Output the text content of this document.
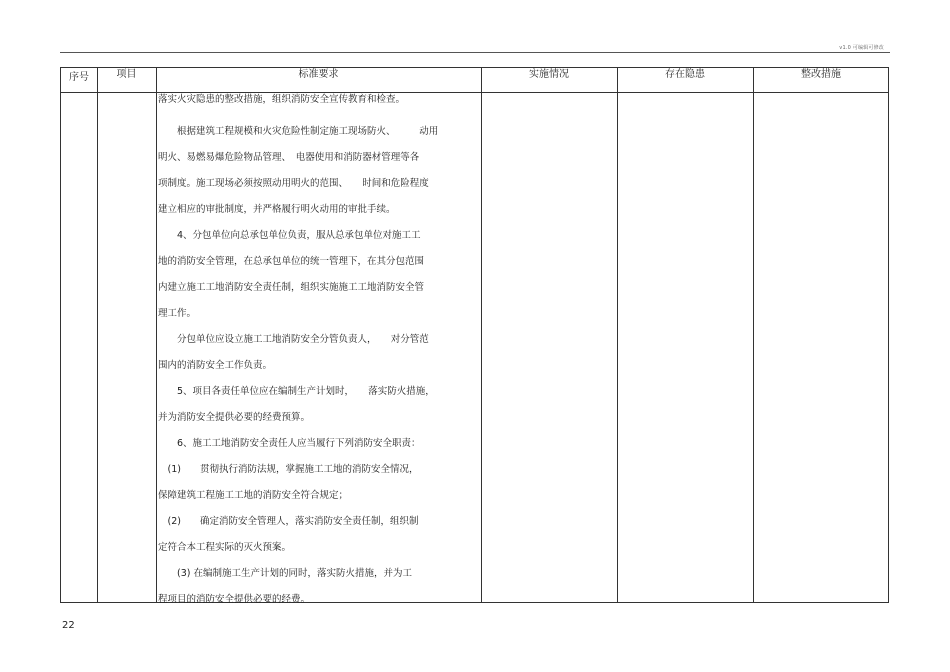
v1.0 可编辑可修改
序号	项目	标准要求	实施情况	存在隐患	整改措施
落实火灾隐患的整改措施，组织消防安全宣传教育和检查。
　　根据建筑工程规模和火灾危险性制定施工现场防火、　　　动用
明火、易燃易爆危险物品管理、　电器使用和消防器材管理等各
项制度。施工现场必须按照动用明火的范围、　　时间和危险程度
建立相应的审批制度，并严格履行明火动用的审批手续。
　　4、分包单位向总承包单位负责，服从总承包单位对施工工
地的消防安全管理，在总承包单位的统一管理下，在其分包范围
内建立施工工地消防安全责任制，组织实施施工工地消防安全管
理工作。
　　分包单位应设立施工工地消防安全分管负责人，　　对分管范
围内的消防安全工作负责。
　　5、项目各责任单位应在编制生产计划时，　　落实防火措施，
并为消防安全提供必要的经费预算。
　　6、施工工地消防安全责任人应当履行下列消防安全职责：
　(1)　　贯彻执行消防法规，掌握施工工地的消防安全情况，
保障建筑工程施工工地的消防安全符合规定；
　(2)　　确定消防安全管理人，落实消防安全责任制，组织制
定符合本工程实际的灭火预案。
　　(3) 在编制施工生产计划的同时，落实防火措施，并为工
程项目的消防安全提供必要的经费。
22
